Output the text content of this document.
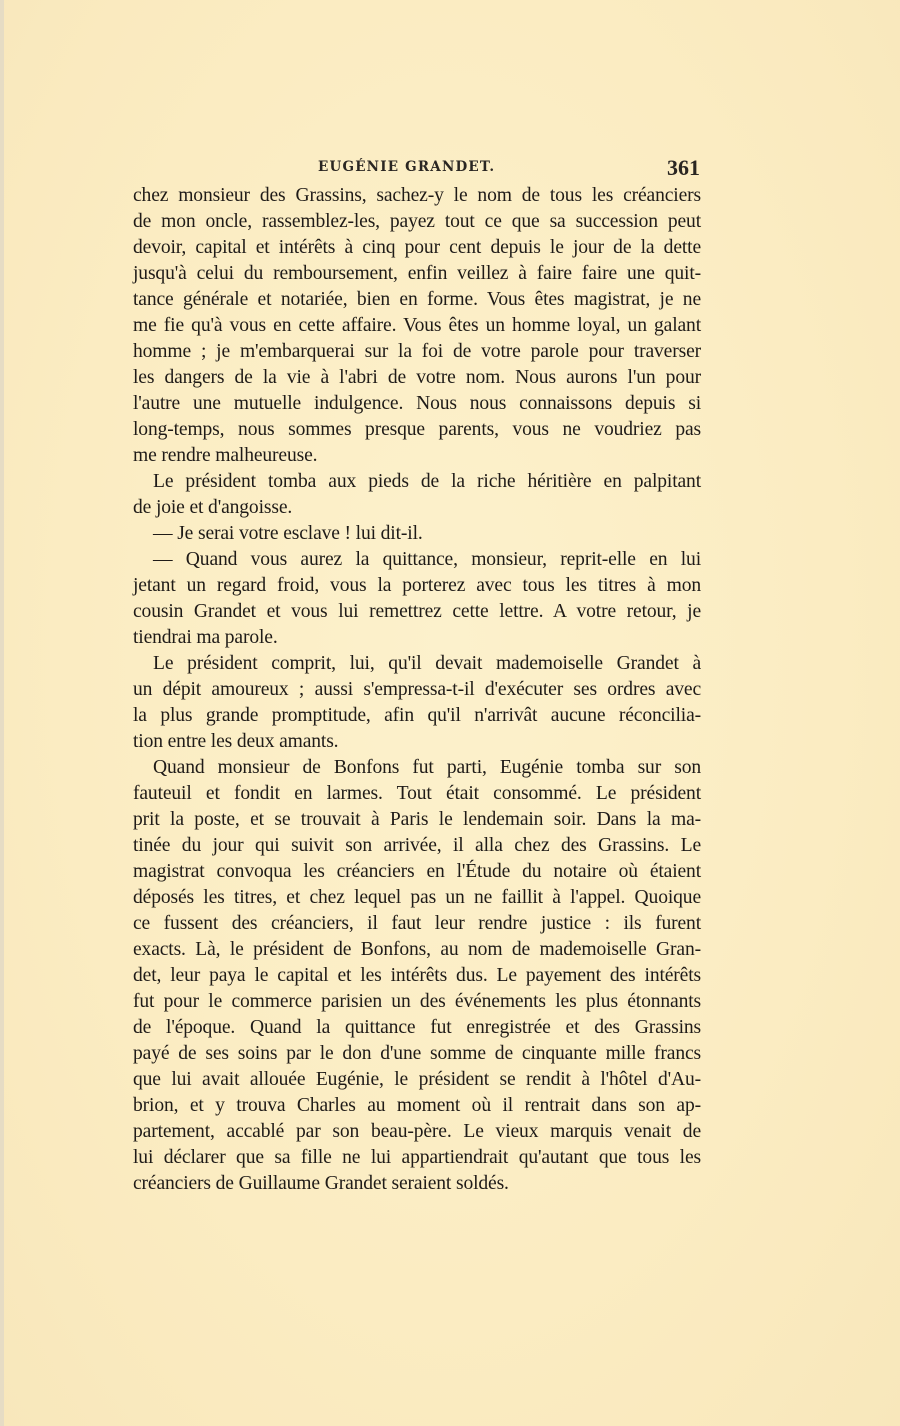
EUGÉNIE GRANDET.	361
chez monsieur des Grassins, sachez-y le nom de tous les créanciers
de mon oncle, rassemblez-les, payez tout ce que sa succession peut
devoir, capital et intérêts à cinq pour cent depuis le jour de la dette
jusqu'à celui du remboursement, enfin veillez à faire faire une quit-
tance générale et notariée, bien en forme. Vous êtes magistrat, je ne
me fie qu'à vous en cette affaire. Vous êtes un homme loyal, un galant
homme ; je m'embarquerai sur la foi de votre parole pour traverser
les dangers de la vie à l'abri de votre nom. Nous aurons l'un pour
l'autre une mutuelle indulgence. Nous nous connaissons depuis si
long-temps, nous sommes presque parents, vous ne voudriez pas
me rendre malheureuse.
Le président tomba aux pieds de la riche héritière en palpitant
de joie et d'angoisse.
— Je serai votre esclave ! lui dit-il.
— Quand vous aurez la quittance, monsieur, reprit-elle en lui
jetant un regard froid, vous la porterez avec tous les titres à mon
cousin Grandet et vous lui remettrez cette lettre. A votre retour, je
tiendrai ma parole.
Le président comprit, lui, qu'il devait mademoiselle Grandet à
un dépit amoureux ; aussi s'empressa-t-il d'exécuter ses ordres avec
la plus grande promptitude, afin qu'il n'arrivât aucune réconcilia-
tion entre les deux amants.
Quand monsieur de Bonfons fut parti, Eugénie tomba sur son
fauteuil et fondit en larmes. Tout était consommé. Le président
prit la poste, et se trouvait à Paris le lendemain soir. Dans la ma-
tinée du jour qui suivit son arrivée, il alla chez des Grassins. Le
magistrat convoqua les créanciers en l'Étude du notaire où étaient
déposés les titres, et chez lequel pas un ne faillit à l'appel. Quoique
ce fussent des créanciers, il faut leur rendre justice : ils furent
exacts. Là, le président de Bonfons, au nom de mademoiselle Gran-
det, leur paya le capital et les intérêts dus. Le payement des intérêts
fut pour le commerce parisien un des événements les plus étonnants
de l'époque. Quand la quittance fut enregistrée et des Grassins
payé de ses soins par le don d'une somme de cinquante mille francs
que lui avait allouée Eugénie, le président se rendit à l'hôtel d'Au-
brion, et y trouva Charles au moment où il rentrait dans son ap-
partement, accablé par son beau-père. Le vieux marquis venait de
lui déclarer que sa fille ne lui appartiendrait qu'autant que tous les
créanciers de Guillaume Grandet seraient soldés.
